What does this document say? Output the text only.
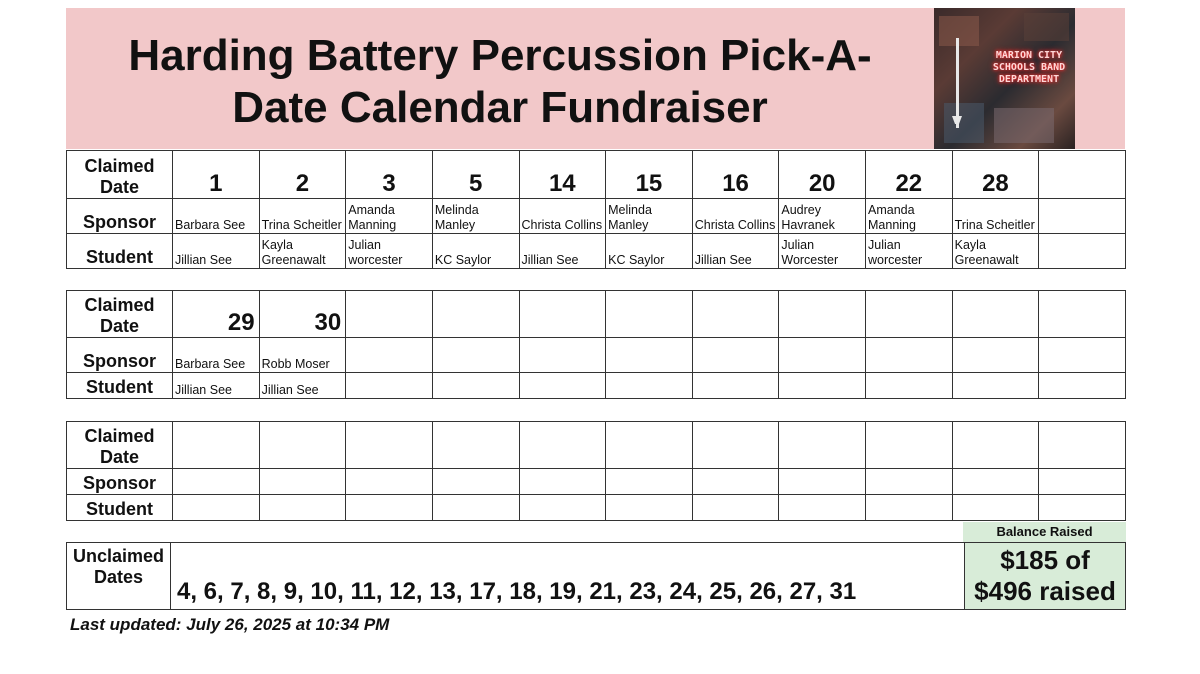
Harding Battery Percussion Pick-A-
Date Calendar Fundraiser
MARION CITY SCHOOLS BAND DEPARTMENT
Claimed Date	1	2	3	5	14	15	16	20	22	28	
Sponsor	Barbara See	Trina Scheitler	Amanda Manning	Melinda Manley	Christa Collins	Melinda Manley	Christa Collins	Audrey Havranek	Amanda Manning	Trina Scheitler	
Student	Jillian See	Kayla Greenawalt	Julian worcester	KC Saylor	Jillian See	KC Saylor	Jillian See	Julian Worcester	Julian worcester	Kayla Greenawalt	
Claimed Date	29	30									
Sponsor	Barbara See	Robb Moser									
Student	Jillian See	Jillian See									
Claimed Date											
Sponsor											
Student											
Balance Raised
Unclaimed Dates	4, 6, 7, 8, 9, 10, 11, 12, 13, 17, 18, 19, 21, 23, 24, 25, 26, 27, 31	
$185 of
$496 raised
Last updated: July 26, 2025 at 10:34 PM
